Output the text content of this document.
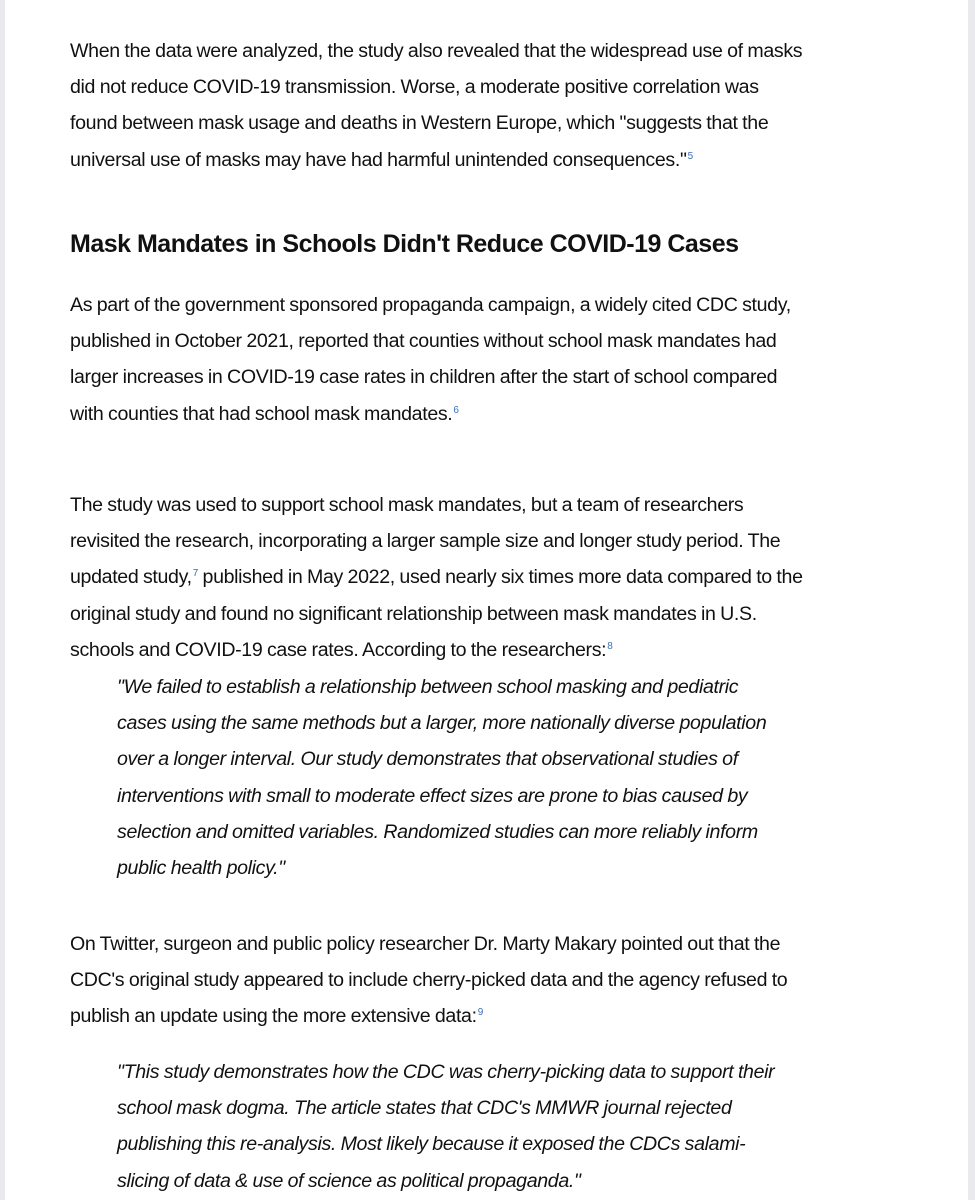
When the data were analyzed, the study also revealed that the widespread use of masks
did not reduce COVID-19 transmission. Worse, a moderate positive correlation was
found between mask usage and deaths in Western Europe, which "suggests that the
universal use of masks may have had harmful unintended consequences."$^5$

Mask Mandates in Schools Didn't Reduce COVID-19 Cases

As part of the government sponsored propaganda campaign, a widely cited CDC study,
published in October 2021, reported that counties without school mask mandates had
larger increases in COVID-19 case rates in children after the start of school compared
with counties that had school mask mandates.$^6$

The study was used to support school mask mandates, but a team of researchers
revisited the research, incorporating a larger sample size and longer study period. The
updated study,$^7$ published in May 2022, used nearly six times more data compared to the
original study and found no significant relationship between mask mandates in U.S.
schools and COVID-19 case rates. According to the researchers:$^8$

"We failed to establish a relationship between school masking and pediatric
cases using the same methods but a larger, more nationally diverse population
over a longer interval. Our study demonstrates that observational studies of
interventions with small to moderate effect sizes are prone to bias caused by
selection and omitted variables. Randomized studies can more reliably inform
public health policy."

On Twitter, surgeon and public policy researcher Dr. Marty Makary pointed out that the
CDC's original study appeared to include cherry-picked data and the agency refused to
publish an update using the more extensive data:$^9$

"This study demonstrates how the CDC was cherry-picking data to support their
school mask dogma. The article states that CDC's MMWR journal rejected
publishing this re-analysis. Most likely because it exposed the CDCs salami-
slicing of data & use of science as political propaganda."
